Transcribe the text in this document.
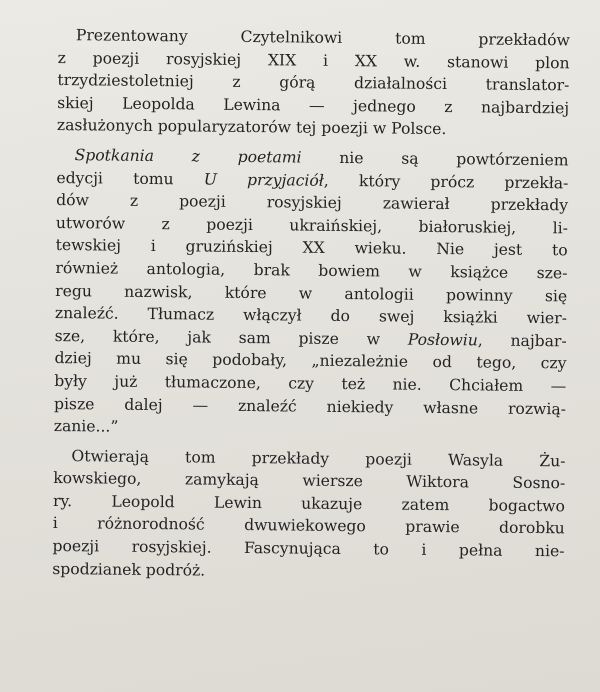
Prezentowany Czytelnikowi tom przekładów
z poezji rosyjskiej XIX i XX w. stanowi plon
trzydziestoletniej z górą działalności translator-
skiej Leopolda Lewina — jednego z najbardziej
zasłużonych popularyzatorów tej poezji w Polsce.
Spotkania z poetami nie są powtórzeniem
edycji tomu U przyjaciół, który prócz przekła-
dów z poezji rosyjskiej zawierał przekłady
utworów z poezji ukraińskiej, białoruskiej, li-
tewskiej i gruzińskiej XX wieku. Nie jest to
również antologia, brak bowiem w książce sze-
regu nazwisk, które w antologii powinny się
znaleźć. Tłumacz włączył do swej książki wier-
sze, które, jak sam pisze w Posłowiu, najbar-
dziej mu się podobały, „niezależnie od tego, czy
były już tłumaczone, czy też nie. Chciałem —
pisze dalej — znaleźć niekiedy własne rozwią-
zanie...”
Otwierają tom przekłady poezji Wasyla Żu-
kowskiego, zamykają wiersze Wiktora Sosno-
ry. Leopold Lewin ukazuje zatem bogactwo
i różnorodność dwuwiekowego prawie dorobku
poezji rosyjskiej. Fascynująca to i pełna nie-
spodzianek podróż.
